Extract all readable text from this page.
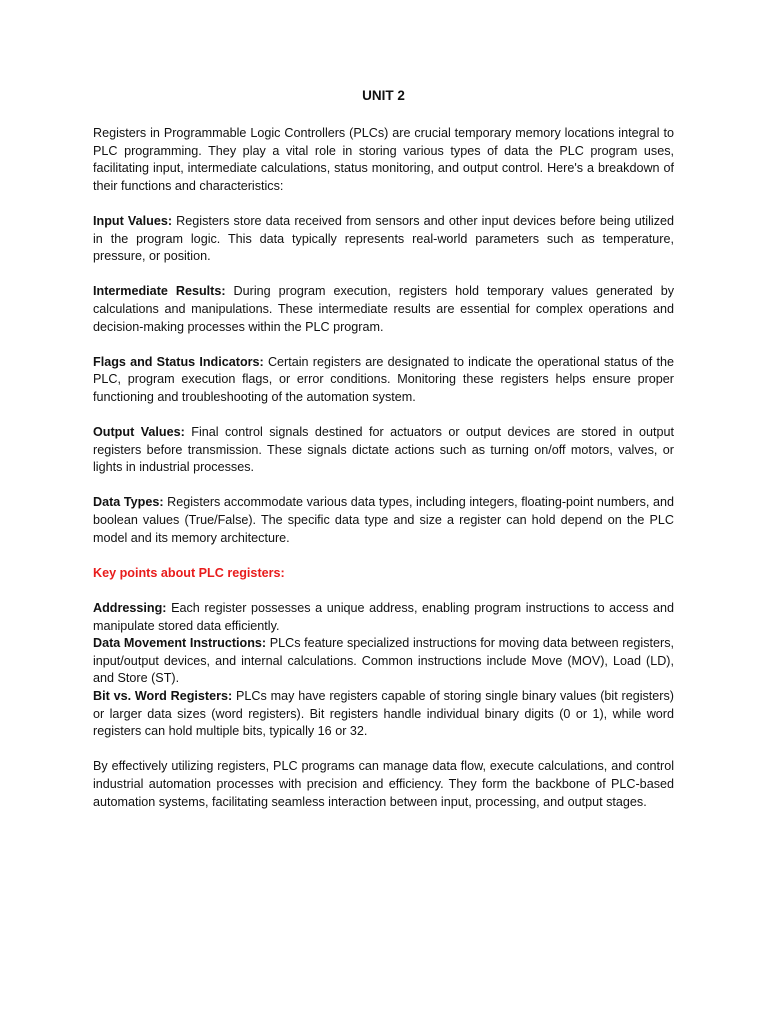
UNIT 2

Registers in Programmable Logic Controllers (PLCs) are crucial temporary memory locations integral to PLC programming. They play a vital role in storing various types of data the PLC program uses, facilitating input, intermediate calculations, status monitoring, and output control. Here's a breakdown of their functions and characteristics:

Input Values: Registers store data received from sensors and other input devices before being utilized in the program logic. This data typically represents real-world parameters such as temperature, pressure, or position.

Intermediate Results: During program execution, registers hold temporary values generated by calculations and manipulations. These intermediate results are essential for complex operations and decision-making processes within the PLC program.

Flags and Status Indicators: Certain registers are designated to indicate the operational status of the PLC, program execution flags, or error conditions. Monitoring these registers helps ensure proper functioning and troubleshooting of the automation system.

Output Values: Final control signals destined for actuators or output devices are stored in output registers before transmission. These signals dictate actions such as turning on/off motors, valves, or lights in industrial processes.

Data Types: Registers accommodate various data types, including integers, floating-point numbers, and boolean values (True/False). The specific data type and size a register can hold depend on the PLC model and its memory architecture.

Key points about PLC registers:

Addressing: Each register possesses a unique address, enabling program instructions to access and manipulate stored data efficiently.

Data Movement Instructions: PLCs feature specialized instructions for moving data between registers, input/output devices, and internal calculations. Common instructions include Move (MOV), Load (LD), and Store (ST).

Bit vs. Word Registers: PLCs may have registers capable of storing single binary values (bit registers) or larger data sizes (word registers). Bit registers handle individual binary digits (0 or 1), while word registers can hold multiple bits, typically 16 or 32.

By effectively utilizing registers, PLC programs can manage data flow, execute calculations, and control industrial automation processes with precision and efficiency. They form the backbone of PLC-based automation systems, facilitating seamless interaction between input, processing, and output stages.
